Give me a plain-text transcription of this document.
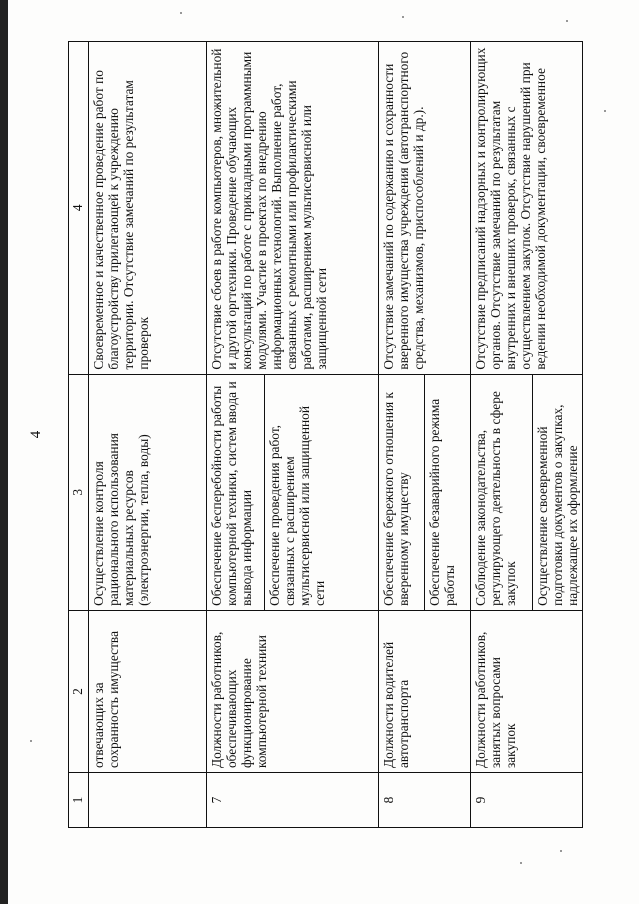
4
1	2	3	4
	отвечающих за сохранность имущества	Осуществление контроля рационального использования материальных ресурсов (электроэнергии, тепла, воды)	Своевременное и качественное проведение работ по благоустройству прилегающей к учреждению территории. Отсутствие замечаний по результатам проверок
7	Должности работников, обеспечивающих функционирование компьютерной техники	Обеспечение бесперебойности работы компьютерной техники, систем ввода и вывода информации	Отсутствие сбоев в работе компьютеров, множительной и другой оргтехники. Проведение обучающих консультаций по работе с прикладными программными модулями. Участие в проектах по внедрению информационных технологий. Выполнение работ, связанных с ремонтными или профилактическими работами, расширением мультисервисной или защищенной сети
		Обеспечение проведения работ, связанных с расширением мультисервисной или защищенной сети	
8	Должности водителей автотранспорта	Обеспечение бережного отношения к вверенному имуществу	Отсутствие замечаний по содержанию и сохранности вверенного имущества учреждения (автотранспортного средства, механизмов, приспособлений и др.).
		Обеспечение безаварийного режима работы	
9	Должности работников, занятых вопросами закупок	Соблюдение законодательства, регулирующего деятельность в сфере закупок	Отсутствие предписаний надзорных и контролирующих органов. Отсутствие замечаний по результатам внутренних и внешних проверок, связанных с осуществлением закупок. Отсутствие нарушений при ведении необходимой документации, своевременное
		Осуществление своевременной подготовки документов о закупках, надлежащее их оформление	
